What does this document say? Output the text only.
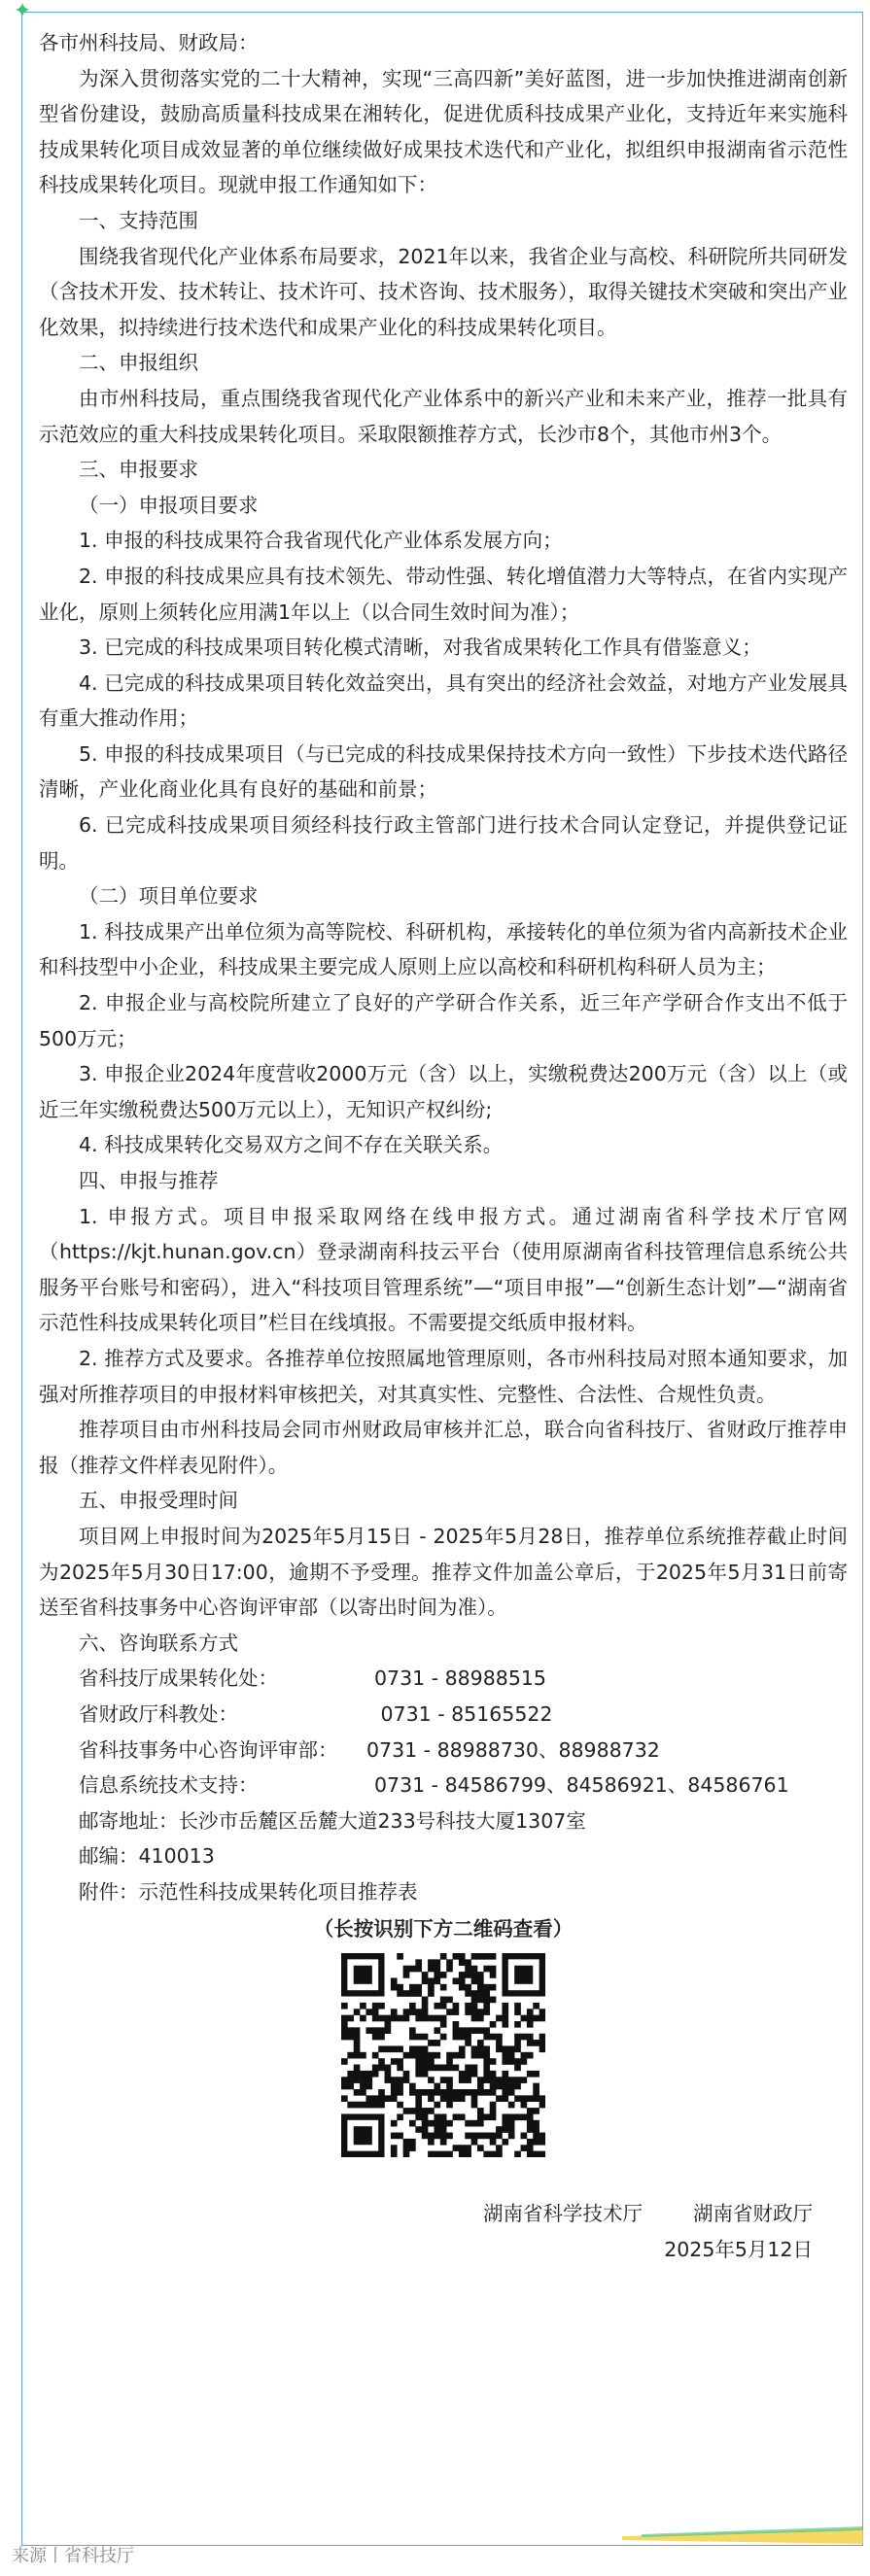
✦

各市州科技局、财政局：

为深入贯彻落实党的二十大精神，实现“三高四新”美好蓝图，进一步加快推进湖南创新型省份建设，鼓励高质量科技成果在湘转化，促进优质科技成果产业化，支持近年来实施科技成果转化项目成效显著的单位继续做好成果技术迭代和产业化，拟组织申报湖南省示范性科技成果转化项目。现就申报工作通知如下：

一、支持范围

围绕我省现代化产业体系布局要求，2021年以来，我省企业与高校、科研院所共同研发（含技术开发、技术转让、技术许可、技术咨询、技术服务），取得关键技术突破和突出产业化效果，拟持续进行技术迭代和成果产业化的科技成果转化项目。

二、申报组织

由市州科技局，重点围绕我省现代化产业体系中的新兴产业和未来产业，推荐一批具有示范效应的重大科技成果转化项目。采取限额推荐方式，长沙市8个，其他市州3个。

三、申报要求

（一）申报项目要求

1. 申报的科技成果符合我省现代化产业体系发展方向；

2. 申报的科技成果应具有技术领先、带动性强、转化增值潜力大等特点，在省内实现产业化，原则上须转化应用满1年以上（以合同生效时间为准）；

3. 已完成的科技成果项目转化模式清晰，对我省成果转化工作具有借鉴意义；

4. 已完成的科技成果项目转化效益突出，具有突出的经济社会效益，对地方产业发展具有重大推动作用；

5. 申报的科技成果项目（与已完成的科技成果保持技术方向一致性）下步技术迭代路径清晰，产业化商业化具有良好的基础和前景；

6. 已完成科技成果项目须经科技行政主管部门进行技术合同认定登记，并提供登记证明。

（二）项目单位要求

1. 科技成果产出单位须为高等院校、科研机构，承接转化的单位须为省内高新技术企业和科技型中小企业，科技成果主要完成人原则上应以高校和科研机构科研人员为主；

2. 申报企业与高校院所建立了良好的产学研合作关系，近三年产学研合作支出不低于500万元；

3. 申报企业2024年度营收2000万元（含）以上，实缴税费达200万元（含）以上（或近三年实缴税费达500万元以上），无知识产权纠纷;

4. 科技成果转化交易双方之间不存在关联关系。

四、申报与推荐

1. 申报方式。项目申报采取网络在线申报方式。通过湖南省科学技术厅官网（https://kjt.hunan.gov.cn）登录湖南科技云平台（使用原湖南省科技管理信息系统公共服务平台账号和密码），进入“科技项目管理系统”—“项目申报”—“创新生态计划”—“湖南省示范性科技成果转化项目”栏目在线填报。不需要提交纸质申报材料。

2. 推荐方式及要求。各推荐单位按照属地管理原则，各市州科技局对照本通知要求，加强对所推荐项目的申报材料审核把关，对其真实性、完整性、合法性、合规性负责。

推荐项目由市州科技局会同市州财政局审核并汇总，联合向省科技厅、省财政厅推荐申报（推荐文件样表见附件）。

五、申报受理时间

项目网上申报时间为2025年5月15日 - 2025年5月28日，推荐单位系统推荐截止时间为2025年5月30日17:00，逾期不予受理。推荐文件加盖公章后，于2025年5月31日前寄送至省科技事务中心咨询评审部（以寄出时间为准）。

六、咨询联系方式

省科技厅成果转化处：	0731 - 88988515
省财政厅科教处：	0731 - 85165522
省科技事务中心咨询评审部：	0731 - 88988730、88988732
信息系统技术支持：	0731 - 84586799、84586921、84586761

邮寄地址：长沙市岳麓区岳麓大道233号科技大厦1307室

邮编：410013

附件：示范性科技成果转化项目推荐表

（长按识别下方二维码查看）
湖南省科学技术厅	湖南省财政厅
2025年5月12日
来源丨省科技厅
